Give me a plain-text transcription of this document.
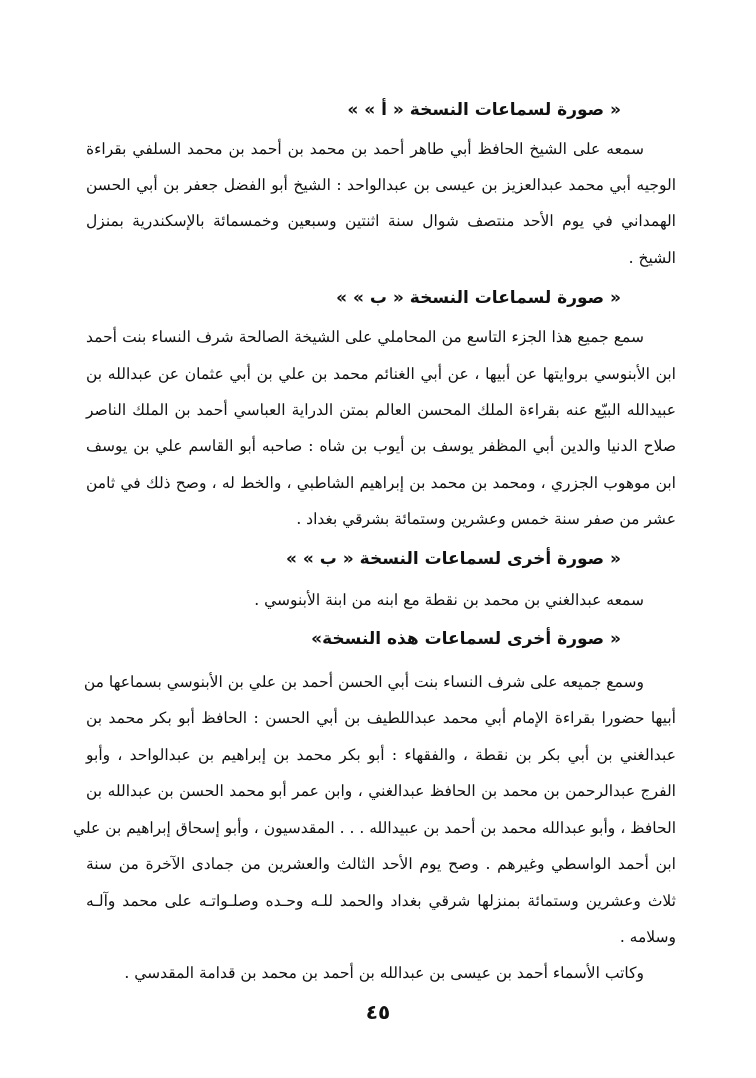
« صورة لسماعات النسخة « أ » »
سمعه على الشيخ الحافظ أبي طاهر أحمد بن محمد بن أحمد بن محمد السلفي بقراءة
الوجيه أبي محمد عبدالعزيز بن عيسى بن عبدالواحد : الشيخ أبو الفضل جعفر بن أبي الحسن
الهمداني في يوم الأحد منتصف شوال سنة اثنتين وسبعين وخمسمائة بالإسكندرية بمنزل
الشيخ .
« صورة لسماعات النسخة « ب » »
سمع جميع هذا الجزء التاسع من المحاملي على الشيخة الصالحة شرف النساء بنت أحمد
ابن الأبنوسي بروايتها عن أبيها ، عن أبي الغنائم محمد بن علي بن أبي عثمان عن عبدالله بن
عبيدالله البيّع عنه بقراءة الملك المحسن العالم بمتن الدراية العباسي أحمد بن الملك الناصر
صلاح الدنيا والدين أبي المظفر يوسف بن أيوب بن شاه : صاحبه أبو القاسم علي بن يوسف
ابن موهوب الجزري ، ومحمد بن محمد بن إبراهيم الشاطبي ، والخط له ، وصح ذلك في ثامن
عشر من صفر سنة خمس وعشرين وستمائة بشرقي بغداد .
« صورة أخرى لسماعات النسخة « ب » »
سمعه عبدالغني بن محمد بن نقطة مع ابنه من ابنة الأبنوسي .
« صورة أخرى لسماعات هذه النسخة»
وسمع جميعه على شرف النساء بنت أبي الحسن أحمد بن علي بن الأبنوسي بسماعها من
أبيها حضورا بقراءة الإمام أبي محمد عبداللطيف بن أبي الحسن : الحافظ أبو بكر محمد بن
عبدالغني بن أبي بكر بن نقطة ، والفقهاء : أبو بكر محمد بن إبراهيم بن عبدالواحد ، وأبو
الفرج عبدالرحمن بن محمد بن الحافظ عبدالغني ، وابن عمر أبو محمد الحسن بن عبدالله بن
الحافظ ، وأبو عبدالله محمد بن أحمد بن عبيدالله . . . المقدسيون ، وأبو إسحاق إبراهيم بن علي
ابن أحمد الواسطي وغيرهم . وصح يوم الأحد الثالث والعشرين من جمادى الآخرة من سنة
ثلاث وعشرين وستمائة بمنزلها شرقي بغداد والحمد للـه وحـده وصلـواتـه على محمد وآلـه
وسلامه .
وكاتب الأسماء أحمد بن عيسى بن عبدالله بن أحمد بن محمد بن قدامة المقدسي .
٤٥
